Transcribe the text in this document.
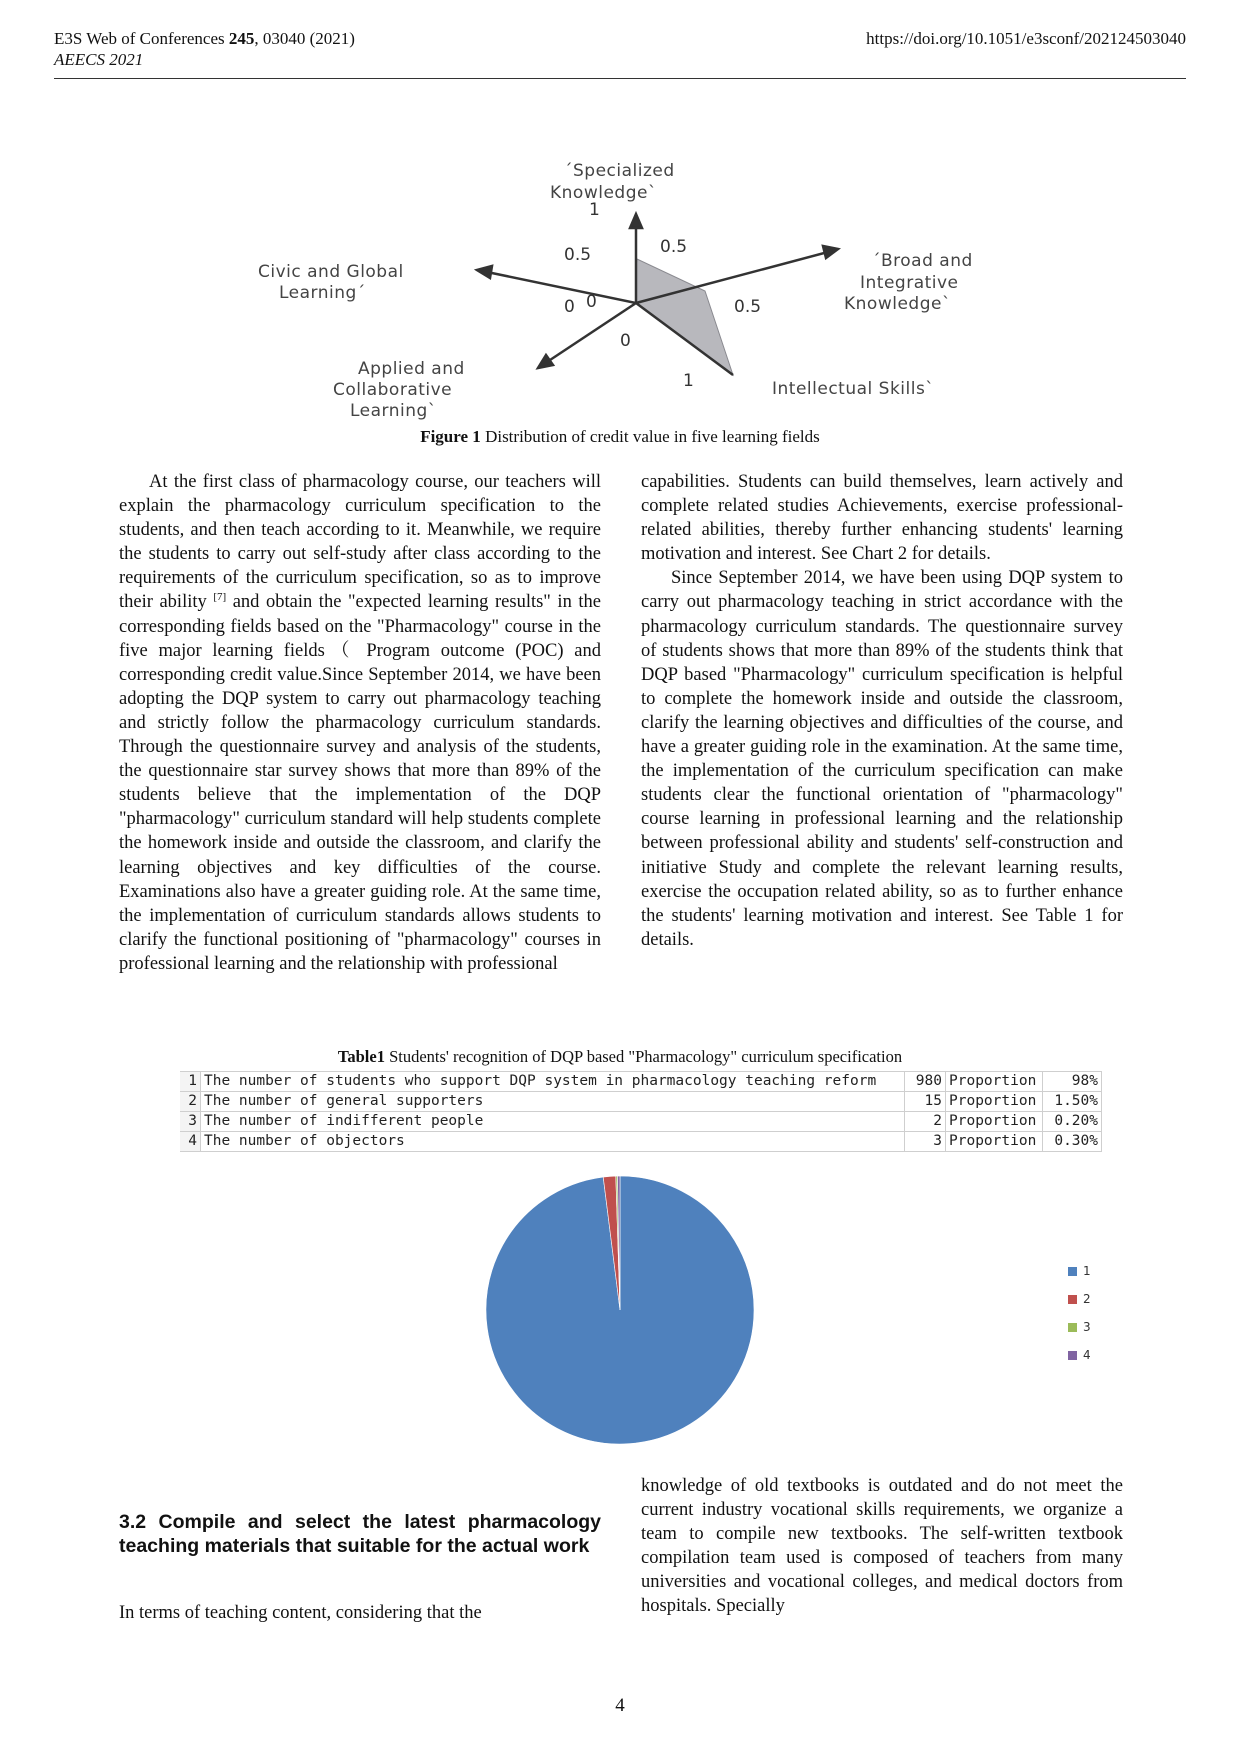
E3S Web of Conferences 245, 03040 (2021)
AEECS 2021
https://doi.org/10.1051/e3sconf/202124503040
ˊSpecialized
Knowledgeˋ
ˊBroad and
Integrative
Knowledgeˋ
Intellectual Skillsˋ
Applied and
Collaborative
Learningˋ
Civic and Global
Learningˊ
1
0.5	0.5
0.5
1
0
0 0
Figure 1 Distribution of credit value in five learning fields

At the first class of pharmacology course, our teachers will explain the pharmacology curriculum specification to the students, and then teach according to it. Meanwhile, we require the students to carry out self-study after class according to the requirements of the curriculum specification, so as to improve their ability [7] and obtain the "expected learning results" in the corresponding fields based on the "Pharmacology" course in the five major learning fields（ Program outcome (POC) and corresponding credit value.Since September 2014, we have been adopting the DQP system to carry out pharmacology teaching and strictly follow the pharmacology curriculum standards. Through the questionnaire survey and analysis of the students, the questionnaire star survey shows that more than 89% of the students believe that the implementation of the DQP "pharmacology" curriculum standard will help students complete the homework inside and outside the classroom, and clarify the learning objectives and key difficulties of the course. Examinations also have a greater guiding role. At the same time, the implementation of curriculum standards allows students to clarify the functional positioning of "pharmacology" courses in professional learning and the relationship with professional

capabilities. Students can build themselves, learn actively and complete related studies Achievements, exercise professional-related abilities, thereby further enhancing students' learning motivation and interest. See Chart 2 for details.

Since September 2014, we have been using DQP system to carry out pharmacology teaching in strict accordance with the pharmacology curriculum standards. The questionnaire survey of students shows that more than 89% of the students think that DQP based "Pharmacology" curriculum specification is helpful to complete the homework inside and outside the classroom, clarify the learning objectives and difficulties of the course, and have a greater guiding role in the examination. At the same time, the implementation of the curriculum specification can make students clear the functional orientation of "pharmacology" course learning in professional learning and the relationship between professional ability and students' self-construction and initiative Study and complete the relevant learning results, exercise the occupation related ability, so as to further enhance the students' learning motivation and interest. See Table 1 for details.

Table1 Students' recognition of DQP based "Pharmacology" curriculum specification
1	The number of students who support DQP system in pharmacology teaching reform	980	Proportion	98%
2	The number of general supporters	15	Proportion	1.50%
3	The number of indifferent people	2	Proportion	0.20%
4	The number of objectors	3	Proportion	0.30%
1
2
3
4
3.2 Compile and select the latest pharmacology teaching materials that suitable for the actual work

In terms of teaching content, considering that the

knowledge of old textbooks is outdated and do not meet the current industry vocational skills requirements, we organize a team to compile new textbooks. The self-written textbook compilation team used is composed of teachers from many universities and vocational colleges, and medical doctors from hospitals. Specially

4
